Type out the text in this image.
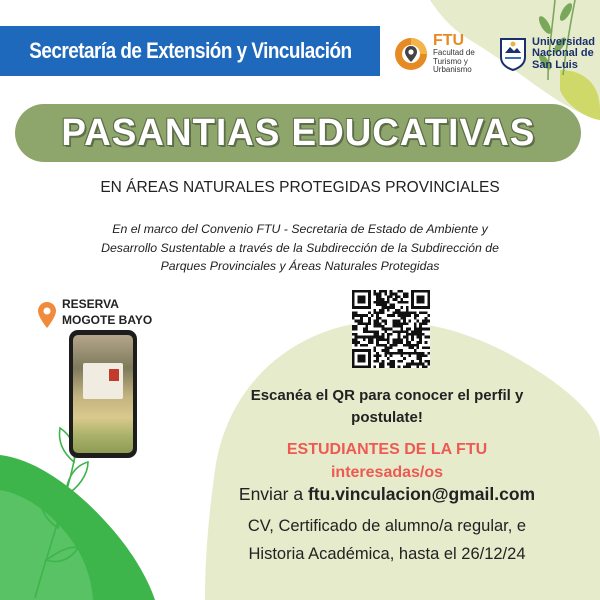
Secretaría de Extensión y Vinculación	FTU
Facultad de
Turismo y
Urbanismo
Universidad
Nacional de
San Luis
PASANTIAS EDUCATIVAS
EN ÁREAS NATURALES PROTEGIDAS PROVINCIALES
En el marco del Convenio FTU - Secretaria de Estado de Ambiente y
Desarrollo Sustentable a través de la Subdirección de la Subdirección de
Parques Provinciales y Áreas Naturales Protegidas
RESERVA
MOGOTE BAYO
Escanéa el QR para conocer el perfil y
postulate!
ESTUDIANTES DE LA FTU
interesadas/os
Enviar a ftu.vinculacion@gmail.com
CV, Certificado de alumno/a regular, e
Historia Académica, hasta el 26/12/24
